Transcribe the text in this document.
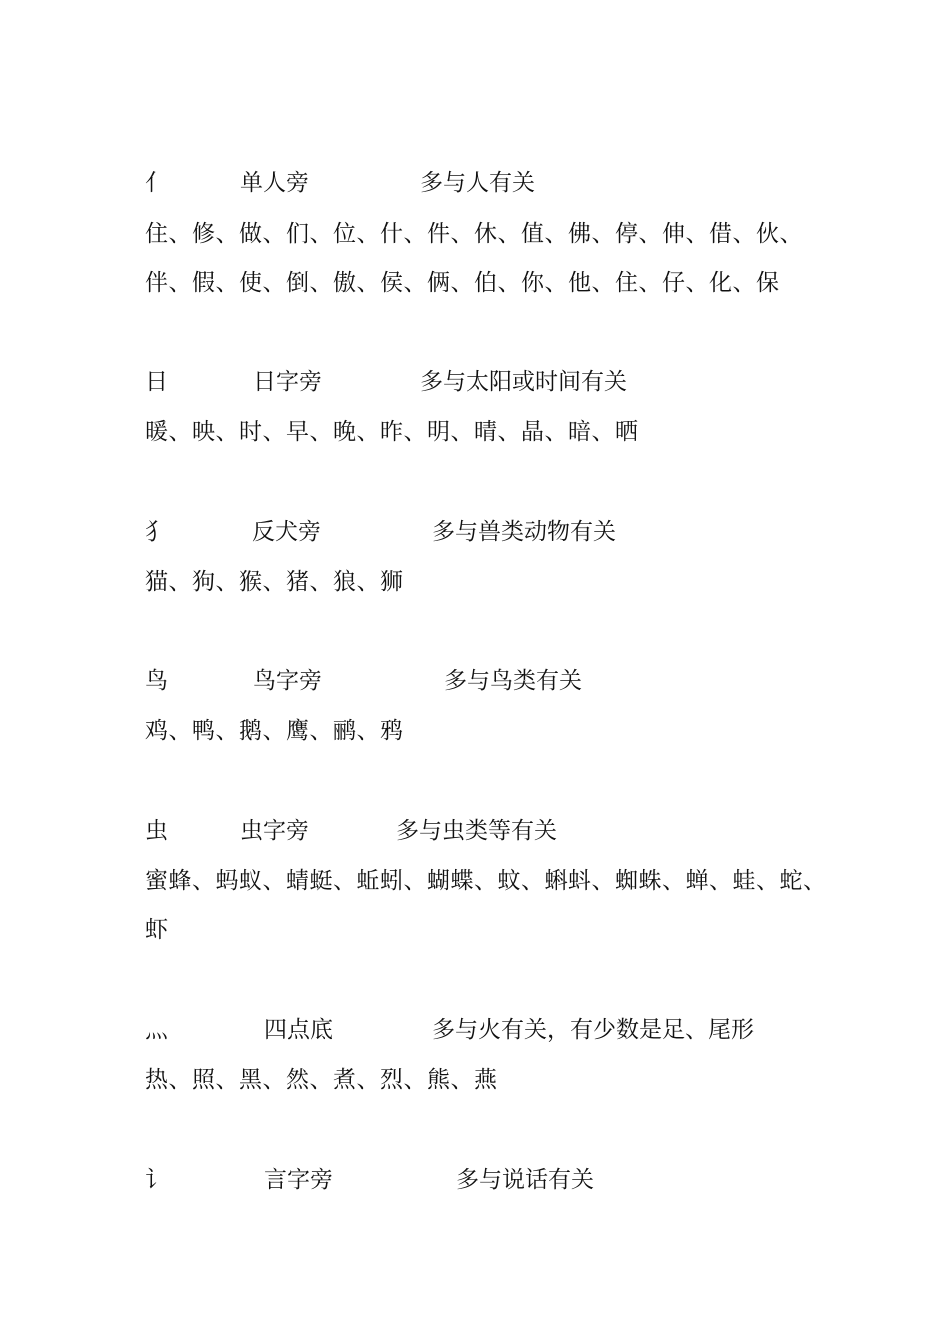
亻	单人旁	多与人有关
住、修、做、们、位、什、件、休、值、佛、停、伸、借、伙、
伴、假、使、倒、傲、侯、俩、伯、你、他、住、仔、化、保
日	日字旁	多与太阳或时间有关
暖、映、时、早、晚、昨、明、晴、晶、暗、晒
犭	反犬旁	多与兽类动物有关
猫、狗、猴、猪、狼、狮
鸟	鸟字旁	多与鸟类有关
鸡、鸭、鹅、鹰、鹂、鸦
虫	虫字旁	多与虫类等有关
蜜蜂、蚂蚁、蜻蜓、蚯蚓、蝴蝶、蚊、蝌蚪、蜘蛛、蝉、蛙、蛇、
虾
灬	四点底	多与火有关，有少数是足、尾形
热、照、黑、然、煮、烈、熊、燕
讠	言字旁	多与说话有关
